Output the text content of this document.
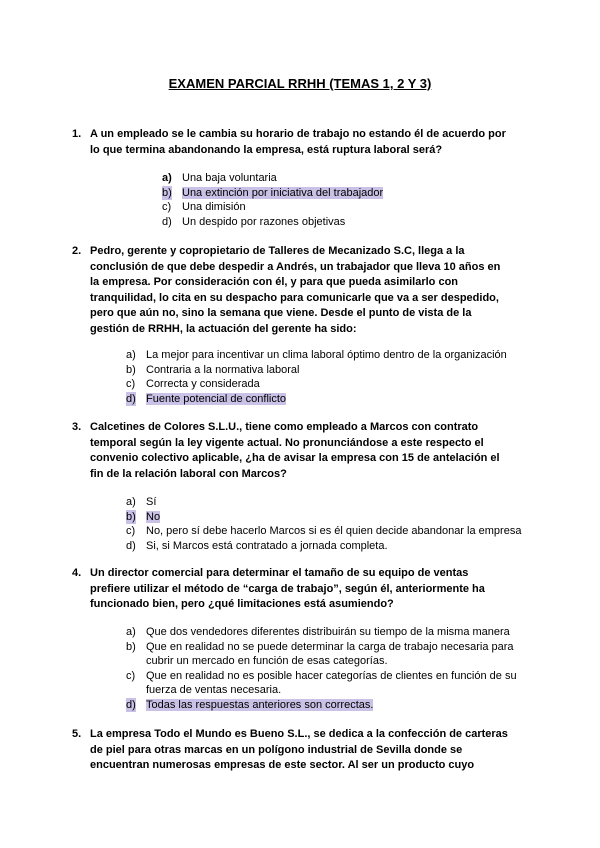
EXAMEN PARCIAL RRHH (TEMAS 1, 2 Y 3)
1. A un empleado se le cambia su horario de trabajo no estando él de acuerdo por lo que termina abandonando la empresa, está ruptura laboral será?
a) Una baja voluntaria
b) Una extinción por iniciativa del trabajador
c) Una dimisión
d) Un despido por razones objetivas
2. Pedro, gerente y copropietario de Talleres de Mecanizado S.C, llega a la conclusión de que debe despedir a Andrés, un trabajador que lleva 10 años en la empresa. Por consideración con él, y para que pueda asimilarlo con tranquilidad, lo cita en su despacho para comunicarle que va a ser despedido, pero que aún no, sino la semana que viene. Desde el punto de vista de la gestión de RRHH, la actuación del gerente ha sido:
a) La mejor para incentivar un clima laboral óptimo dentro de la organización
b) Contraria a la normativa laboral
c) Correcta y considerada
d) Fuente potencial de conflicto
3. Calcetines de Colores S.L.U., tiene como empleado a Marcos con contrato temporal según la ley vigente actual. No pronunciándose a este respecto el convenio colectivo aplicable, ¿ha de avisar la empresa con 15 de antelación el fin de la relación laboral con Marcos?
a) Sí
b) No
c) No, pero sí debe hacerlo Marcos si es él quien decide abandonar la empresa
d) Si, si Marcos está contratado a jornada completa.
4. Un director comercial para determinar el tamaño de su equipo de ventas prefiere utilizar el método de “carga de trabajo”, según él, anteriormente ha funcionado bien, pero ¿qué limitaciones está asumiendo?
a) Que dos vendedores diferentes distribuirán su tiempo de la misma manera
b) Que en realidad no se puede determinar la carga de trabajo necesaria para cubrir un mercado en función de esas categorías.
c) Que en realidad no es posible hacer categorías de clientes en función de su fuerza de ventas necesaria.
d) Todas las respuestas anteriores son correctas.
5. La empresa Todo el Mundo es Bueno S.L., se dedica a la confección de carteras de piel para otras marcas en un polígono industrial de Sevilla donde se encuentran numerosas empresas de este sector. Al ser un producto cuyo
